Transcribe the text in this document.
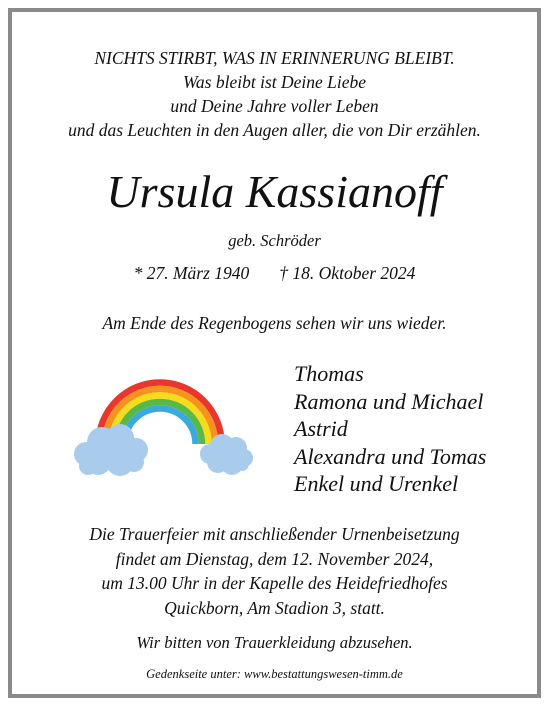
NICHTS STIRBT, WAS IN ERINNERUNG BLEIBT.
Was bleibt ist Deine Liebe
und Deine Jahre voller Leben
und das Leuchten in den Augen aller, die von Dir erzählen.
Ursula Kassianoff
geb. Schröder
* 27. März 1940 † 18. Oktober 2024
Am Ende des Regenbogens sehen wir uns wieder.
Thomas
Ramona und Michael
Astrid
Alexandra und Tomas
Enkel und Urenkel
Die Trauerfeier mit anschließender Urnenbeisetzung
findet am Dienstag, dem 12. November 2024,
um 13.00 Uhr in der Kapelle des Heidefriedhofes
Quickborn, Am Stadion 3, statt.
Wir bitten von Trauerkleidung abzusehen.
Gedenkseite unter: www.bestattungswesen-timm.de
